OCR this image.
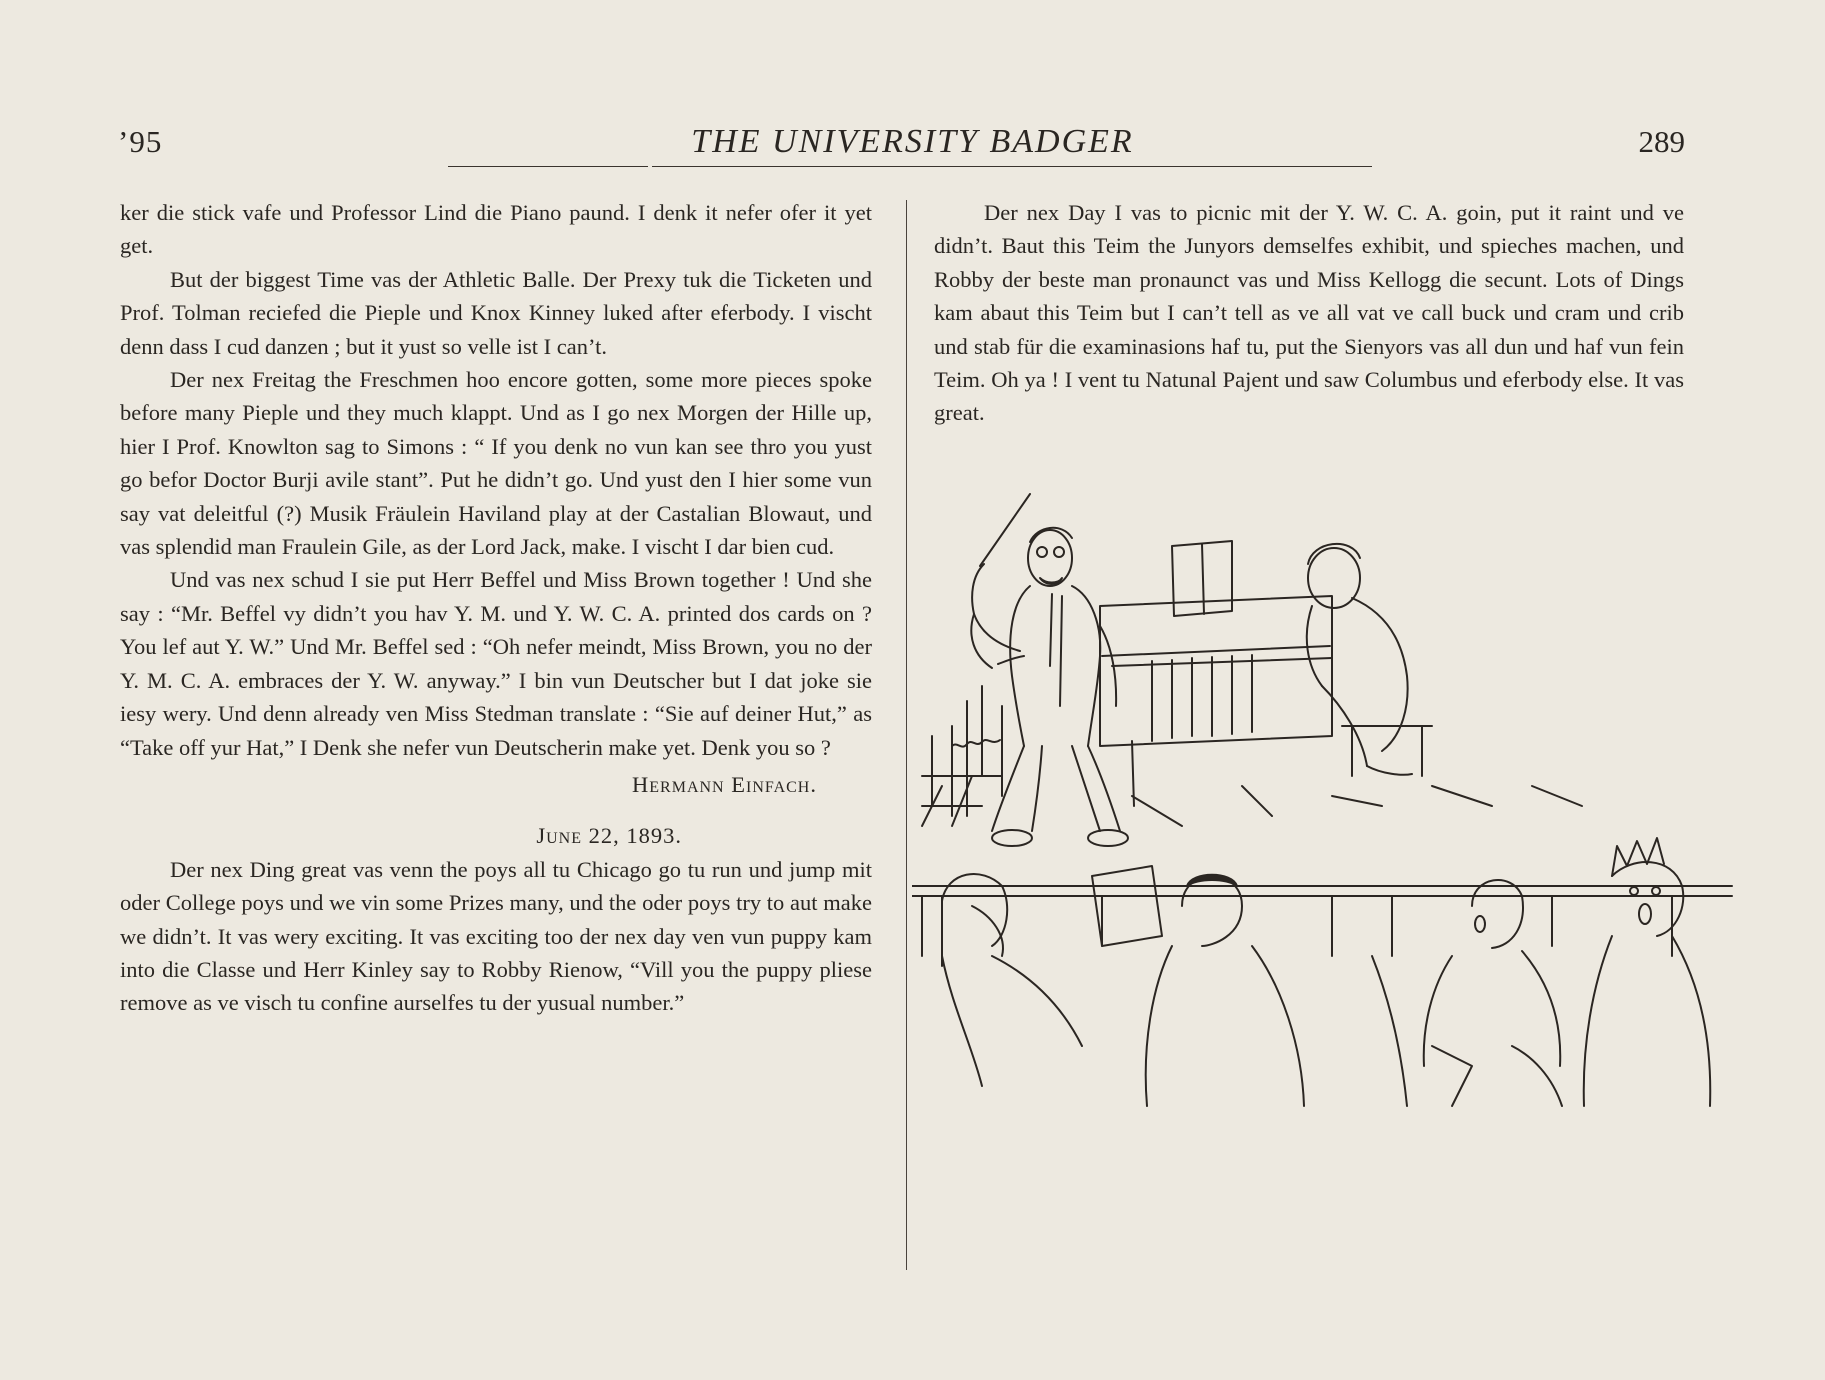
’95	THE UNIVERSITY BADGER	289

ker die stick vafe und Professor Lind die Piano paund. I denk it nefer ofer it yet get.

But der biggest Time vas der Athletic Balle. Der Prexy tuk die Ticketen und Prof. Tolman reciefed die Pieple und Knox Kinney luked after eferbody. I vischt denn dass I cud danzen ; but it yust so velle ist I can’t.

Der nex Freitag the Freschmen hoo encore gotten, some more pieces spoke before many Pieple und they much klappt. Und as I go nex Morgen der Hille up, hier I Prof. Knowlton sag to Simons : “ If you denk no vun kan see thro you yust go befor Doctor Burji avile stant”. Put he didn’t go. Und yust den I hier some vun say vat deleitful (?) Musik Fräulein Haviland play at der Castalian Blowaut, und vas splendid man Fraulein Gile, as der Lord Jack, make. I vischt I dar bien cud.

Und vas nex schud I sie put Herr Beffel und Miss Brown together ! Und she say : “Mr. Beffel vy didn’t you hav Y. M. und Y. W. C. A. printed dos cards on ? You lef aut Y. W.” Und Mr. Beffel sed : “Oh nefer meindt, Miss Brown, you no der Y. M. C. A. embraces der Y. W. anyway.” I bin vun Deutscher but I dat joke sie iesy wery. Und denn already ven Miss Stedman translate : “Sie auf deiner Hut,” as “Take off yur Hat,” I Denk she nefer vun Deutscherin make yet. Denk you so ?

Hermann Einfach.
June 22, 1893.

Der nex Ding great vas venn the poys all tu Chicago go tu run und jump mit oder College poys und we vin some Prizes many, und the oder poys try to aut make we didn’t. It vas wery exciting. It vas exciting too der nex day ven vun puppy kam into die Classe und Herr Kinley say to Robby Rienow, “Vill you the puppy pliese remove as ve visch tu confine aurselfes tu der yusual number.”

Der nex Day I vas to picnic mit der Y. W. C. A. goin, put it raint und ve didn’t. Baut this Teim the Junyors demselfes exhibit, und spieches machen, und Robby der beste man pronaunct vas und Miss Kellogg die secunt. Lots of Dings kam abaut this Teim but I can’t tell as ve all vat ve call buck und cram und crib und stab für die examinasions haf tu, put the Sienyors vas all dun und haf vun fein Teim. Oh ya ! I vent tu Natunal Pajent und saw Columbus und eferbody else. It vas great.
